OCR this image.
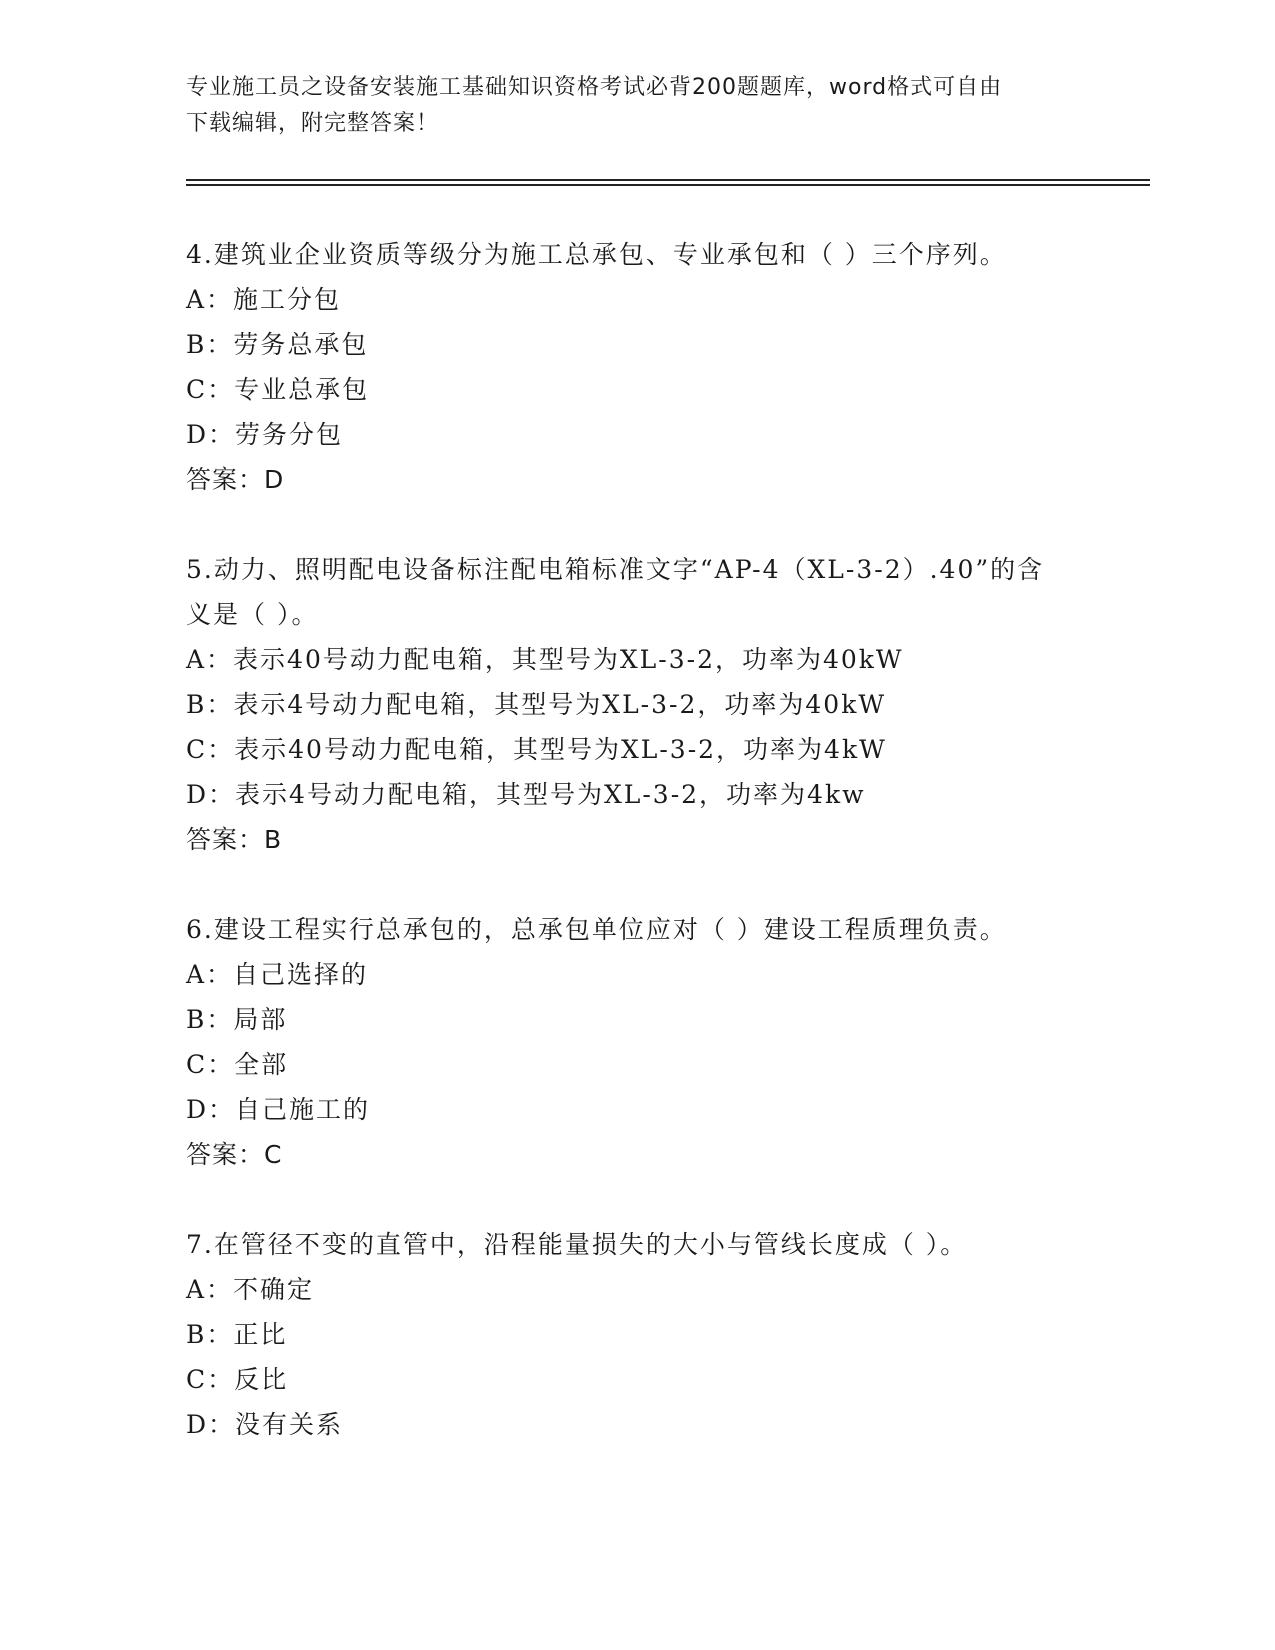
专业施工员之设备安装施工基础知识资格考试必背200题题库，word格式可自由
下载编辑，附完整答案！
4.建筑业企业资质等级分为施工总承包、专业承包和（ ）三个序列。
A：施工分包
B：劳务总承包
C：专业总承包
D：劳务分包
答案：D
5.动力、照明配电设备标注配电箱标准文字“AP-4（XL-3-2）.40”的含义是（ ）。
A：表示40号动力配电箱，其型号为XL-3-2，功率为40kW
B：表示4号动力配电箱，其型号为XL-3-2，功率为40kW
C：表示40号动力配电箱，其型号为XL-3-2，功率为4kW
D：表示4号动力配电箱，其型号为XL-3-2，功率为4kw
答案：B
6.建设工程实行总承包的，总承包单位应对（ ）建设工程质理负责。
A：自己选择的
B：局部
C：全部
D：自己施工的
答案：C
7.在管径不变的直管中，沿程能量损失的大小与管线长度成（ ）。
A：不确定
B：正比
C：反比
D：没有关系
